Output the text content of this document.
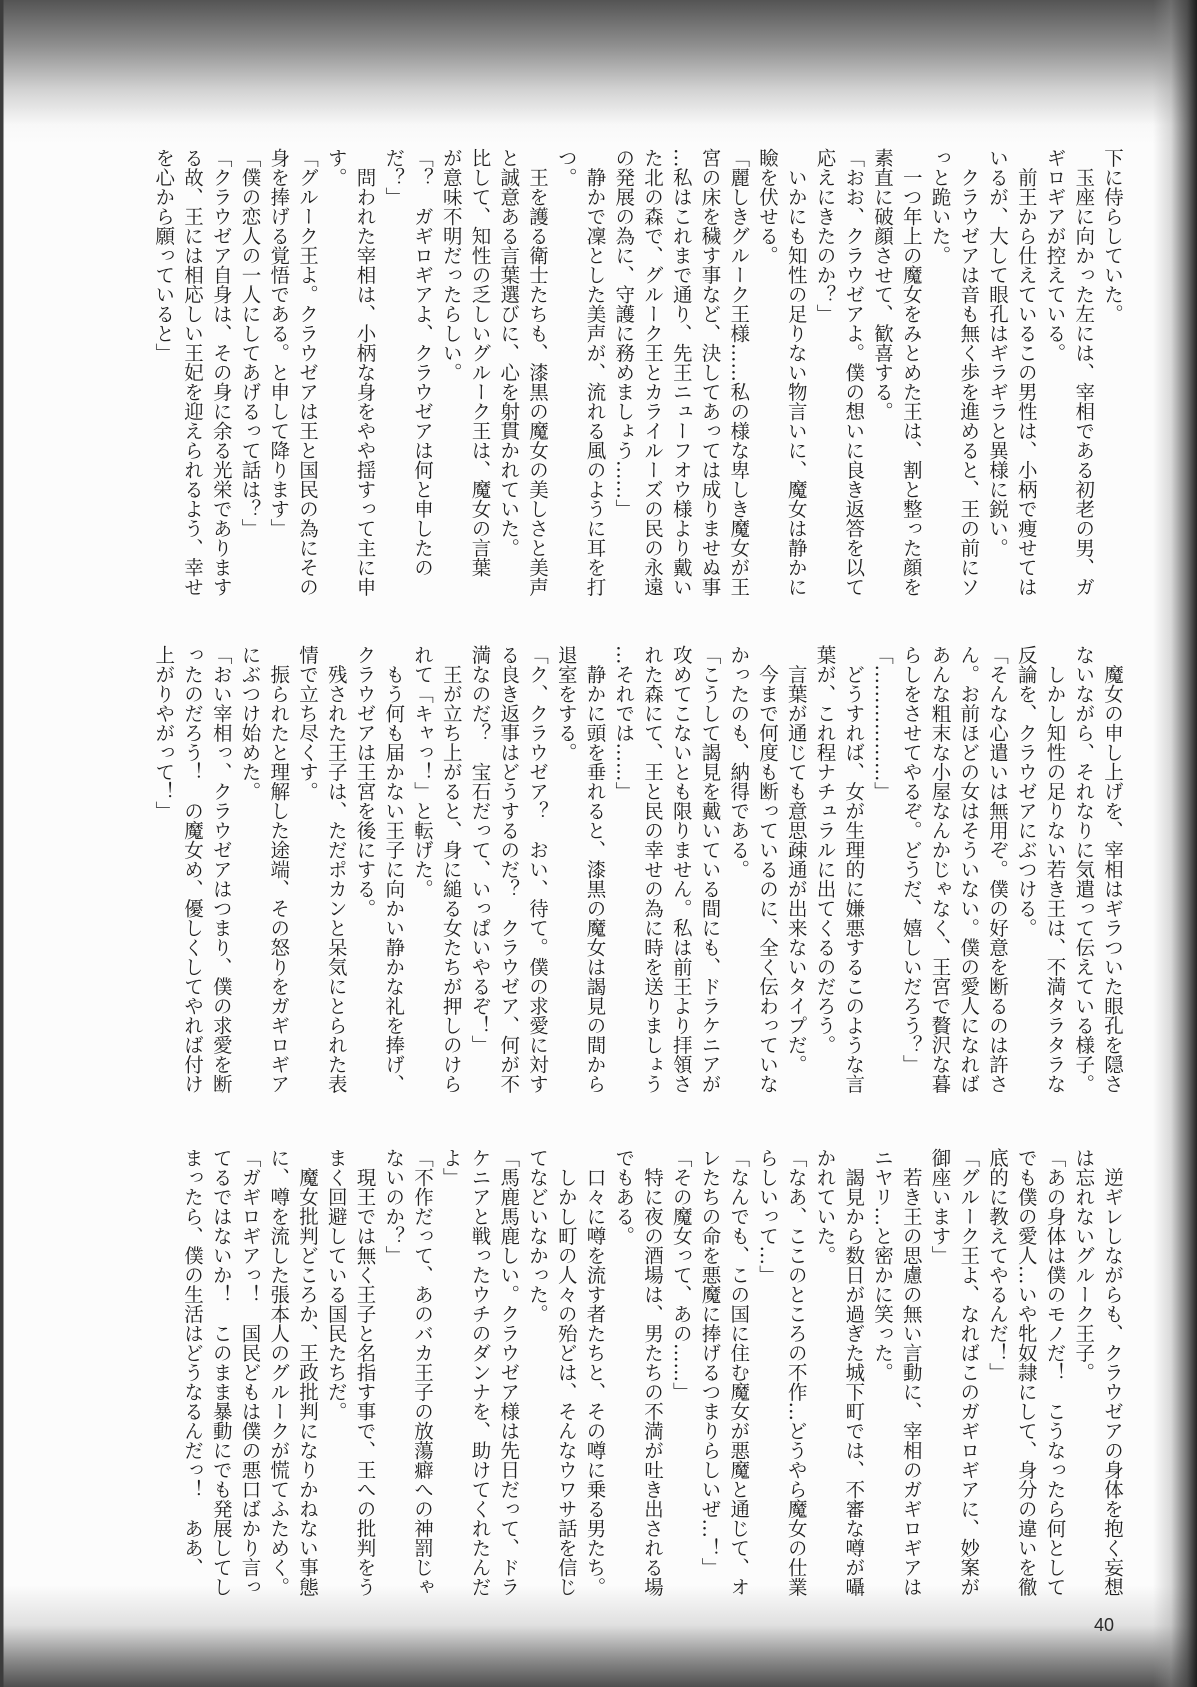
下に侍らしていた。
　玉座に向かった左には、宰相である初老の男、ガ
ギロギアが控えている。
　前王から仕えているこの男性は、小柄で痩せては
いるが、大して眼孔はギラギラと異様に鋭い。
　クラウゼアは音も無く歩を進めると、王の前にソ
っと跪いた。
　一つ年上の魔女をみとめた王は、割と整った顔を
素直に破顔させて、歓喜する。
「おお、クラウゼアよ。僕の想いに良き返答を以て
応えにきたのか？」
　いかにも知性の足りない物言いに、魔女は静かに
瞼を伏せる。
「麗しきグルーク王様……私の様な卑しき魔女が王
宮の床を穢す事など、決してあっては成りませぬ事
…私はこれまで通り、先王ニューフオウ様より戴い
た北の森で、グルーク王とカライルーズの民の永遠
の発展の為に、守護に務めましょう……」
　静かで凜とした美声が、流れる風のように耳を打
つ。
　王を護る衛士たちも、漆黒の魔女の美しさと美声
と誠意ある言葉選びに、心を射貫かれていた。
比して、知性の乏しいグルーク王は、魔女の言葉
が意味不明だったらしい。
「？　ガギロギアよ、クラウゼアは何と申したの
だ？」
　問われた宰相は、小柄な身をやや揺すって主に申
す。
「グルーク王よ。クラウゼアは王と国民の為にその
身を捧げる覚悟である。と申して降ります」
「僕の恋人の一人にしてあげるって話は？」
「クラウゼア自身は、その身に余る光栄であります
る故、王には相応しい王妃を迎えられるよう、幸せ
を心から願っていると」
　魔女の申し上げを、宰相はギラついた眼孔を隠さ
ないながら、それなりに気遣って伝えている様子。
　しかし知性の足りない若き王は、不満タラタラな
反論を、クラウゼアにぶつける。
「そんな心遣いは無用ぞ。僕の好意を断るのは許さ
ん。お前ほどの女はそういない。僕の愛人になれば
あんな粗末な小屋なんかじゃなく、王宮で贅沢な暮
らしをさせてやるぞ。どうだ、嬉しいだろう？」
「………………」
　どうすれば、女が生理的に嫌悪するこのような言
葉が、これ程ナチュラルに出てくるのだろう。
　言葉が通じても意思疎通が出来ないタイプだ。
　今まで何度も断っているのに、全く伝わっていな
かったのも、納得である。
「こうして謁見を戴いている間にも、ドラケニアが
攻めてこないとも限りません。私は前王より拝領さ
れた森にて、王と民の幸せの為に時を送りましょう
…それでは……」
　静かに頭を垂れると、漆黒の魔女は謁見の間から
退室をする。
「ク、クラウゼア？　おい、待て。僕の求愛に対す
る良き返事はどうするのだ？　クラウゼア、何が不
満なのだ？　宝石だって、いっぱいやるぞ！」
　王が立ち上がると、身に縋る女たちが押しのけら
れて「キャっ！」と転げた。
　もう何も届かない王子に向かい静かな礼を捧げ、
クラウゼアは王宮を後にする。
　残された王子は、ただポカンと呆気にとられた表
情で立ち尽くす。
　振られたと理解した途端、その怒りをガギロギア
にぶつけ始めた。
「おい宰相っ、クラウゼアはつまり、僕の求愛を断
ったのだろう！　の魔女め、優しくしてやれば付け
上がりやがって！」
　逆ギレしながらも、クラウゼアの身体を抱く妄想
は忘れないグルーク王子。
「あの身体は僕のモノだ！　こうなったら何として
でも僕の愛人…いや牝奴隷にして、身分の違いを徹
底的に教えてやるんだ！」
「グルーク王よ、なればこのガギロギアに、妙案が
御座います」
　若き王の思慮の無い言動に、宰相のガギロギアは
ニヤリ…と密かに笑った。
　謁見から数日が過ぎた城下町では、不審な噂が囁
かれていた。
「なあ、ここのところの不作…どうやら魔女の仕業
らしいって…」
「なんでも、この国に住む魔女が悪魔と通じて、オ
レたちの命を悪魔に捧げるつまりらしいぜ…！」
「その魔女って、あの……」
　特に夜の酒場は、男たちの不満が吐き出される場
でもある。
　口々に噂を流す者たちと、その噂に乗る男たち。
　しかし町の人々の殆どは、そんなウワサ話を信じ
てなどいなかった。
「馬鹿馬鹿しい。クラウゼア様は先日だって、ドラ
ケニアと戦ったウチのダンナを、助けてくれたんだ
よ」
「不作だって、あのバカ王子の放蕩癖への神罰じゃ
ないのか？」
　現王では無く王子と名指す事で、王への批判をう
まく回避している国民たちだ。
　魔女批判どころか、王政批判になりかねない事態
に、噂を流した張本人のグルークが慌てふためく。
「ガギロギアっ！　国民どもは僕の悪口ばかり言っ
てるではないか！　このまま暴動にでも発展してし
まったら、僕の生活はどうなるんだっ！　ああ、
40
